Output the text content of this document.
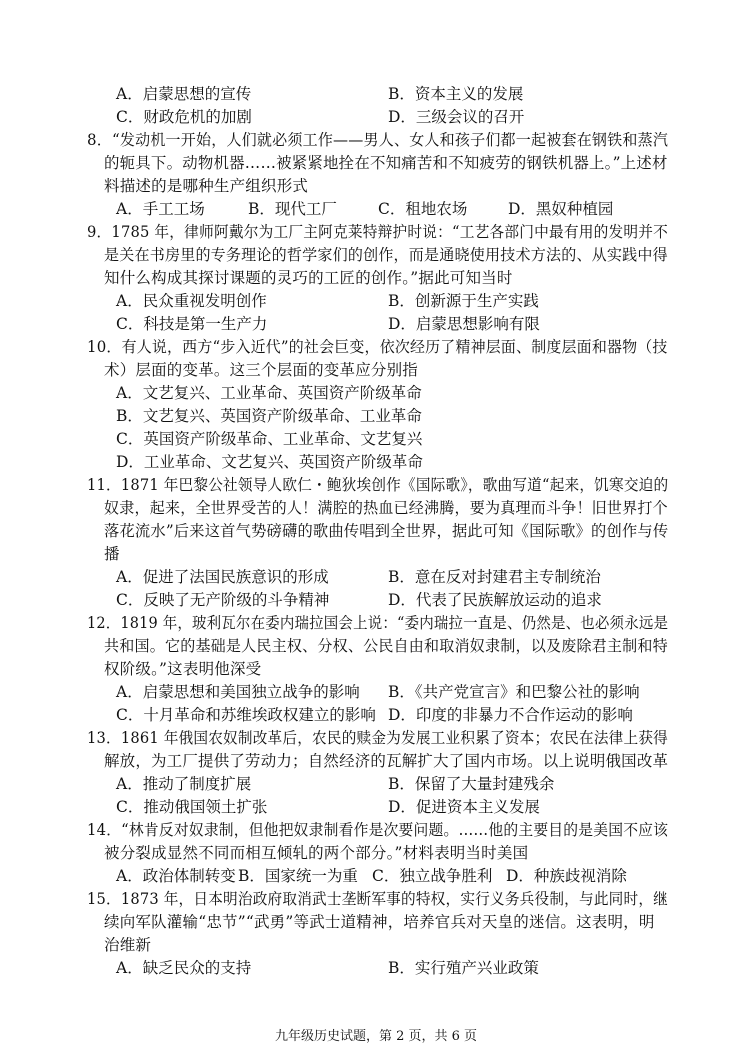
A．启蒙思想的宣传	B．资本主义的发展
C．财政危机的加剧	D．三级会议的召开
8．“发动机一开始，人们就必须工作——男人、女人和孩子们都一起被套在钢铁和蒸汽
的轭具下。动物机器……被紧紧地拴在不知痛苦和不知疲劳的钢铁机器上。”上述材
料描述的是哪种生产组织形式
A．手工工场	B．现代工厂	C．租地农场	D．黑奴种植园
9．1785 年，律师阿戴尔为工厂主阿克莱特辩护时说：“工艺各部门中最有用的发明并不
是关在书房里的专务理论的哲学家们的创作，而是通晓使用技术方法的、从实践中得
知什么构成其探讨课题的灵巧的工匠的创作。”据此可知当时
A．民众重视发明创作	B．创新源于生产实践
C．科技是第一生产力	D．启蒙思想影响有限
10．有人说，西方“步入近代”的社会巨变，依次经历了精神层面、制度层面和器物（技
术）层面的变革。这三个层面的变革应分别指
A．文艺复兴、工业革命、英国资产阶级革命
B．文艺复兴、英国资产阶级革命、工业革命
C．英国资产阶级革命、工业革命、文艺复兴
D．工业革命、文艺复兴、英国资产阶级革命
11．1871 年巴黎公社领导人欧仁・鲍狄埃创作《国际歌》，歌曲写道“起来，饥寒交迫的
奴隶，起来，全世界受苦的人！满腔的热血已经沸腾，要为真理而斗争！旧世界打个
落花流水”后来这首气势磅礴的歌曲传唱到全世界，据此可知《国际歌》的创作与传
播
A．促进了法国民族意识的形成	B．意在反对封建君主专制统治
C．反映了无产阶级的斗争精神	D．代表了民族解放运动的追求
12．1819 年，玻利瓦尔在委内瑞拉国会上说：“委内瑞拉一直是、仍然是、也必须永远是
共和国。它的基础是人民主权、分权、公民自由和取消奴隶制，以及废除君主制和特
权阶级。”这表明他深受
A．启蒙思想和美国独立战争的影响 B．《共产党宣言》和巴黎公社的影响
C．十月革命和苏维埃政权建立的影响 D．印度的非暴力不合作运动的影响
13．1861 年俄国农奴制改革后，农民的赎金为发展工业积累了资本；农民在法律上获得
解放，为工厂提供了劳动力；自然经济的瓦解扩大了国内市场。以上说明俄国改革
A．推动了制度扩展	B．保留了大量封建残余
C．推动俄国领土扩张	D．促进资本主义发展
14．“林肯反对奴隶制，但他把奴隶制看作是次要问题。……他的主要目的是美国不应该
被分裂成显然不同而相互倾轧的两个部分。”材料表明当时美国
A．政治体制转变 B．国家统一为重 C．独立战争胜利 D．种族歧视消除
15．1873 年，日本明治政府取消武士垄断军事的特权，实行义务兵役制，与此同时，继
续向军队灌输“忠节”“武勇”等武士道精神，培养官兵对天皇的迷信。这表明，明
治维新
A．缺乏民众的支持	B．实行殖产兴业政策
九年级历史试题，第 2 页，共 6 页
